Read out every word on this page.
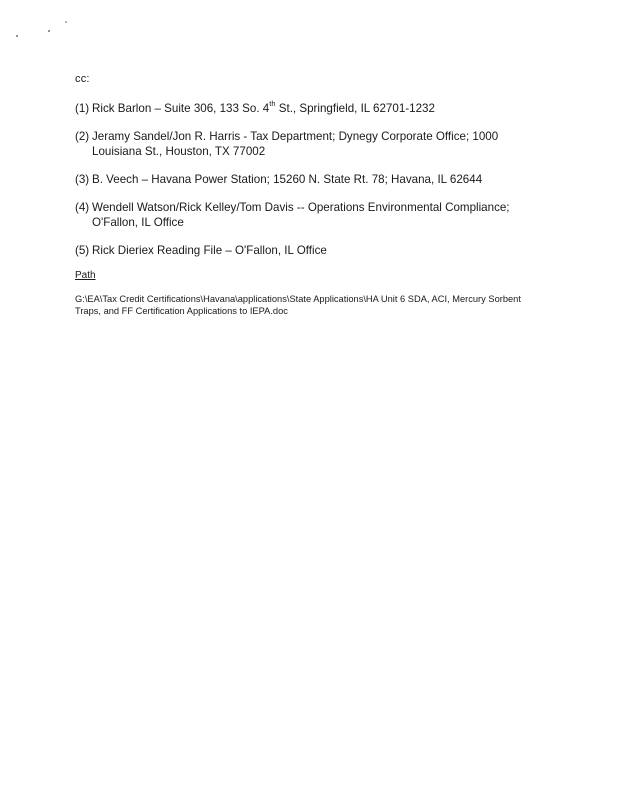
cc:
(1) Rick Barlon – Suite 306, 133 So. 4th St., Springfield, IL 62701-1232
(2) Jeramy Sandel/Jon R. Harris - Tax Department; Dynegy Corporate Office; 1000 Louisiana St., Houston, TX 77002
(3) B. Veech – Havana Power Station; 15260 N. State Rt. 78; Havana, IL 62644
(4) Wendell Watson/Rick Kelley/Tom Davis -- Operations Environmental Compliance; O'Fallon, IL Office
(5) Rick Dieriex Reading File – O'Fallon, IL Office
Path
G:\EA\Tax Credit Certifications\Havana\applications\State Applications\HA Unit 6 SDA, ACI, Mercury Sorbent Traps, and FF Certification Applications to IEPA.doc
